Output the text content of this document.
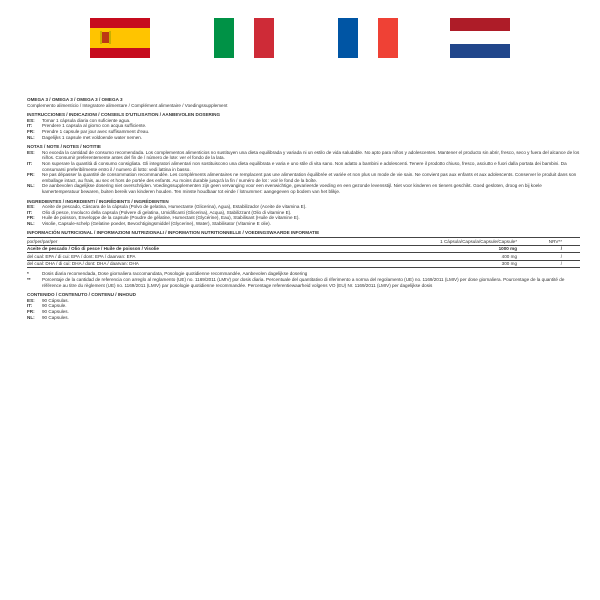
OMEGA 3 / OMEGA 3 / OMEGA 3 / OMEGA 3
Complemento alimenticio / Integratore alimentare / Complément alimentaire / Voedingssupplement
INSTRUCCIONES / INDICAZIONI / CONSEILS D'UTILISATION / AANBEVOLEN DOSERING
ES:	Tomar 1 cápsula diaria con suficiente agua.
IT:	Prendere 1 capsula al giorno con acqua sufficiente.
FR:	Prendre 1 capsule par jour avec suffisamment d'eau.
NL:	Dagelijks 1 capsule met voldoende water nemen.
NOTAS / NOTE / NOTES / NOTITIE
ES:	No exceda la cantidad de consumo recomendada. Los complementos alimenticios no sustituyen una dieta equilibrada y variada ni un estilo de vida saludable. No apto para niños y adolescentes. Mantener el producto sin abrir, fresco, seco y fuera del alcance de los niños. Consumir preferentemente antes del fin de / número de lote: ver el fondo de la lata.
IT:	Non superare la quantità di consumo consigliata. Gli integratori alimentari non sostituiscono una dieta equilibrata e varia e uno stile di vita sano. Non adatto a bambini e adolescenti. Tenere il prodotto chiuso, fresco, asciutto e fuori dalla portata dei bambini. Da consumarsi preferibilmente entro il / numero di lotto: vedi lattina in basso.
FR:	Ne pas dépasser la quantité de consommation recommandée. Les compléments alimentaires ne remplacent pas une alimentation équilibrée et variée et non plus un mode de vie sain. Ne convient pas aux enfants et aux adolescents. Conserver le produit dans son emballage intact, au frais, au sec et hors de portée des enfants. Au moins durable jusqu'à la fin / numéro de lot : voir le fond de la boîte.
NL:	De aanbevolen dagelijkse dosering niet overschrijden. Voedingssupplementen zijn geen vervanging voor een evenwichtige, gevarieerde voeding en een gezonde levensstijl. Niet voor kinderen en tieners geschikt. Goed gesloten, droog en bij koele kamertemperatuur bewaren, buiten bereik van kinderen houden. Ten minste houdbaar tot einde / lotnummer: aangegeven op bodem van het blikje.
INGREDIENTES / INGREDIENTI / INGRÉDIENTS / INGRÉDIENTEN
ES:	Aceite de pescado, Cáscara de la cápsula (Polvo de gelatina, Humectante (Glicerina), Agua), Estabilizador (Aceite de vitamina E).
IT:	Olio di pesce, Involucro della capsula (Polvere di gelatina, Umidificanti (Glicerina), Acqua), Stabilizzant (Olio di vitamine E).
FR:	Huile de poisson, Enveloppe de la capsule (Poudre de gélatine, Humectant (Glycérine), Eau), Stabilisant (Huile de vitamine E).
NL:	Visolie, Capsule-schelp (Gelatine poeder, Bevochtigingsmiddel (Glycerine), Water), Stabilisator (Vitamine E olie).
INFORMACIÓN NUTRICIONAL / INFORMAZIONI NUTRIZIONALI / INFORMATION NUTRITIONNELLE / VOEDINGSWAARDE INFORMATIE
por/per/par/per	1 Cápsula/Capsula/Capsule/Capsule*	NRV**
Aceite de pescado / Olio di pesce / Huile de poisson / Visolie	1000 mg	/
del cual: EPA / di cui: EPA / dont: EPA / daarvan: EPA	400 mg	/
del cual: DHA / di cui: DHA / dont: DHA / daarvan: DHA	300 mg	/
*	Dosis diaria recomendada, Dose giornaliera raccomandata, Posologie quotidienne recommandée, Aanbevolen dagelijkse dosering
**	Porcentaje de la cantidad de referencia con arreglo al reglamento (UE) no. 1169/2011 (LMIV) por dosis diaria. Percentuale del quantitativo di riferimento a norma del regolamento (UE) no. 1169/2011 (LMIV) per dose giornaliera. Pourcentage de la quantité de référence au titre du règlement (UE) no. 1169/2011 (LMIV) par posologie quotidienne recommandée. Percentage referentiewaarheid volgens VO (EU) Nr. 1169/2011 (LMIV) per dagelijkse dosis
CONTENIDO / CONTENUTO / CONTENU / INHOUD
ES:	90 Cápsulas.
IT:	90 Capsule.
FR:	90 Capsules.
NL:	90 Capsules.
